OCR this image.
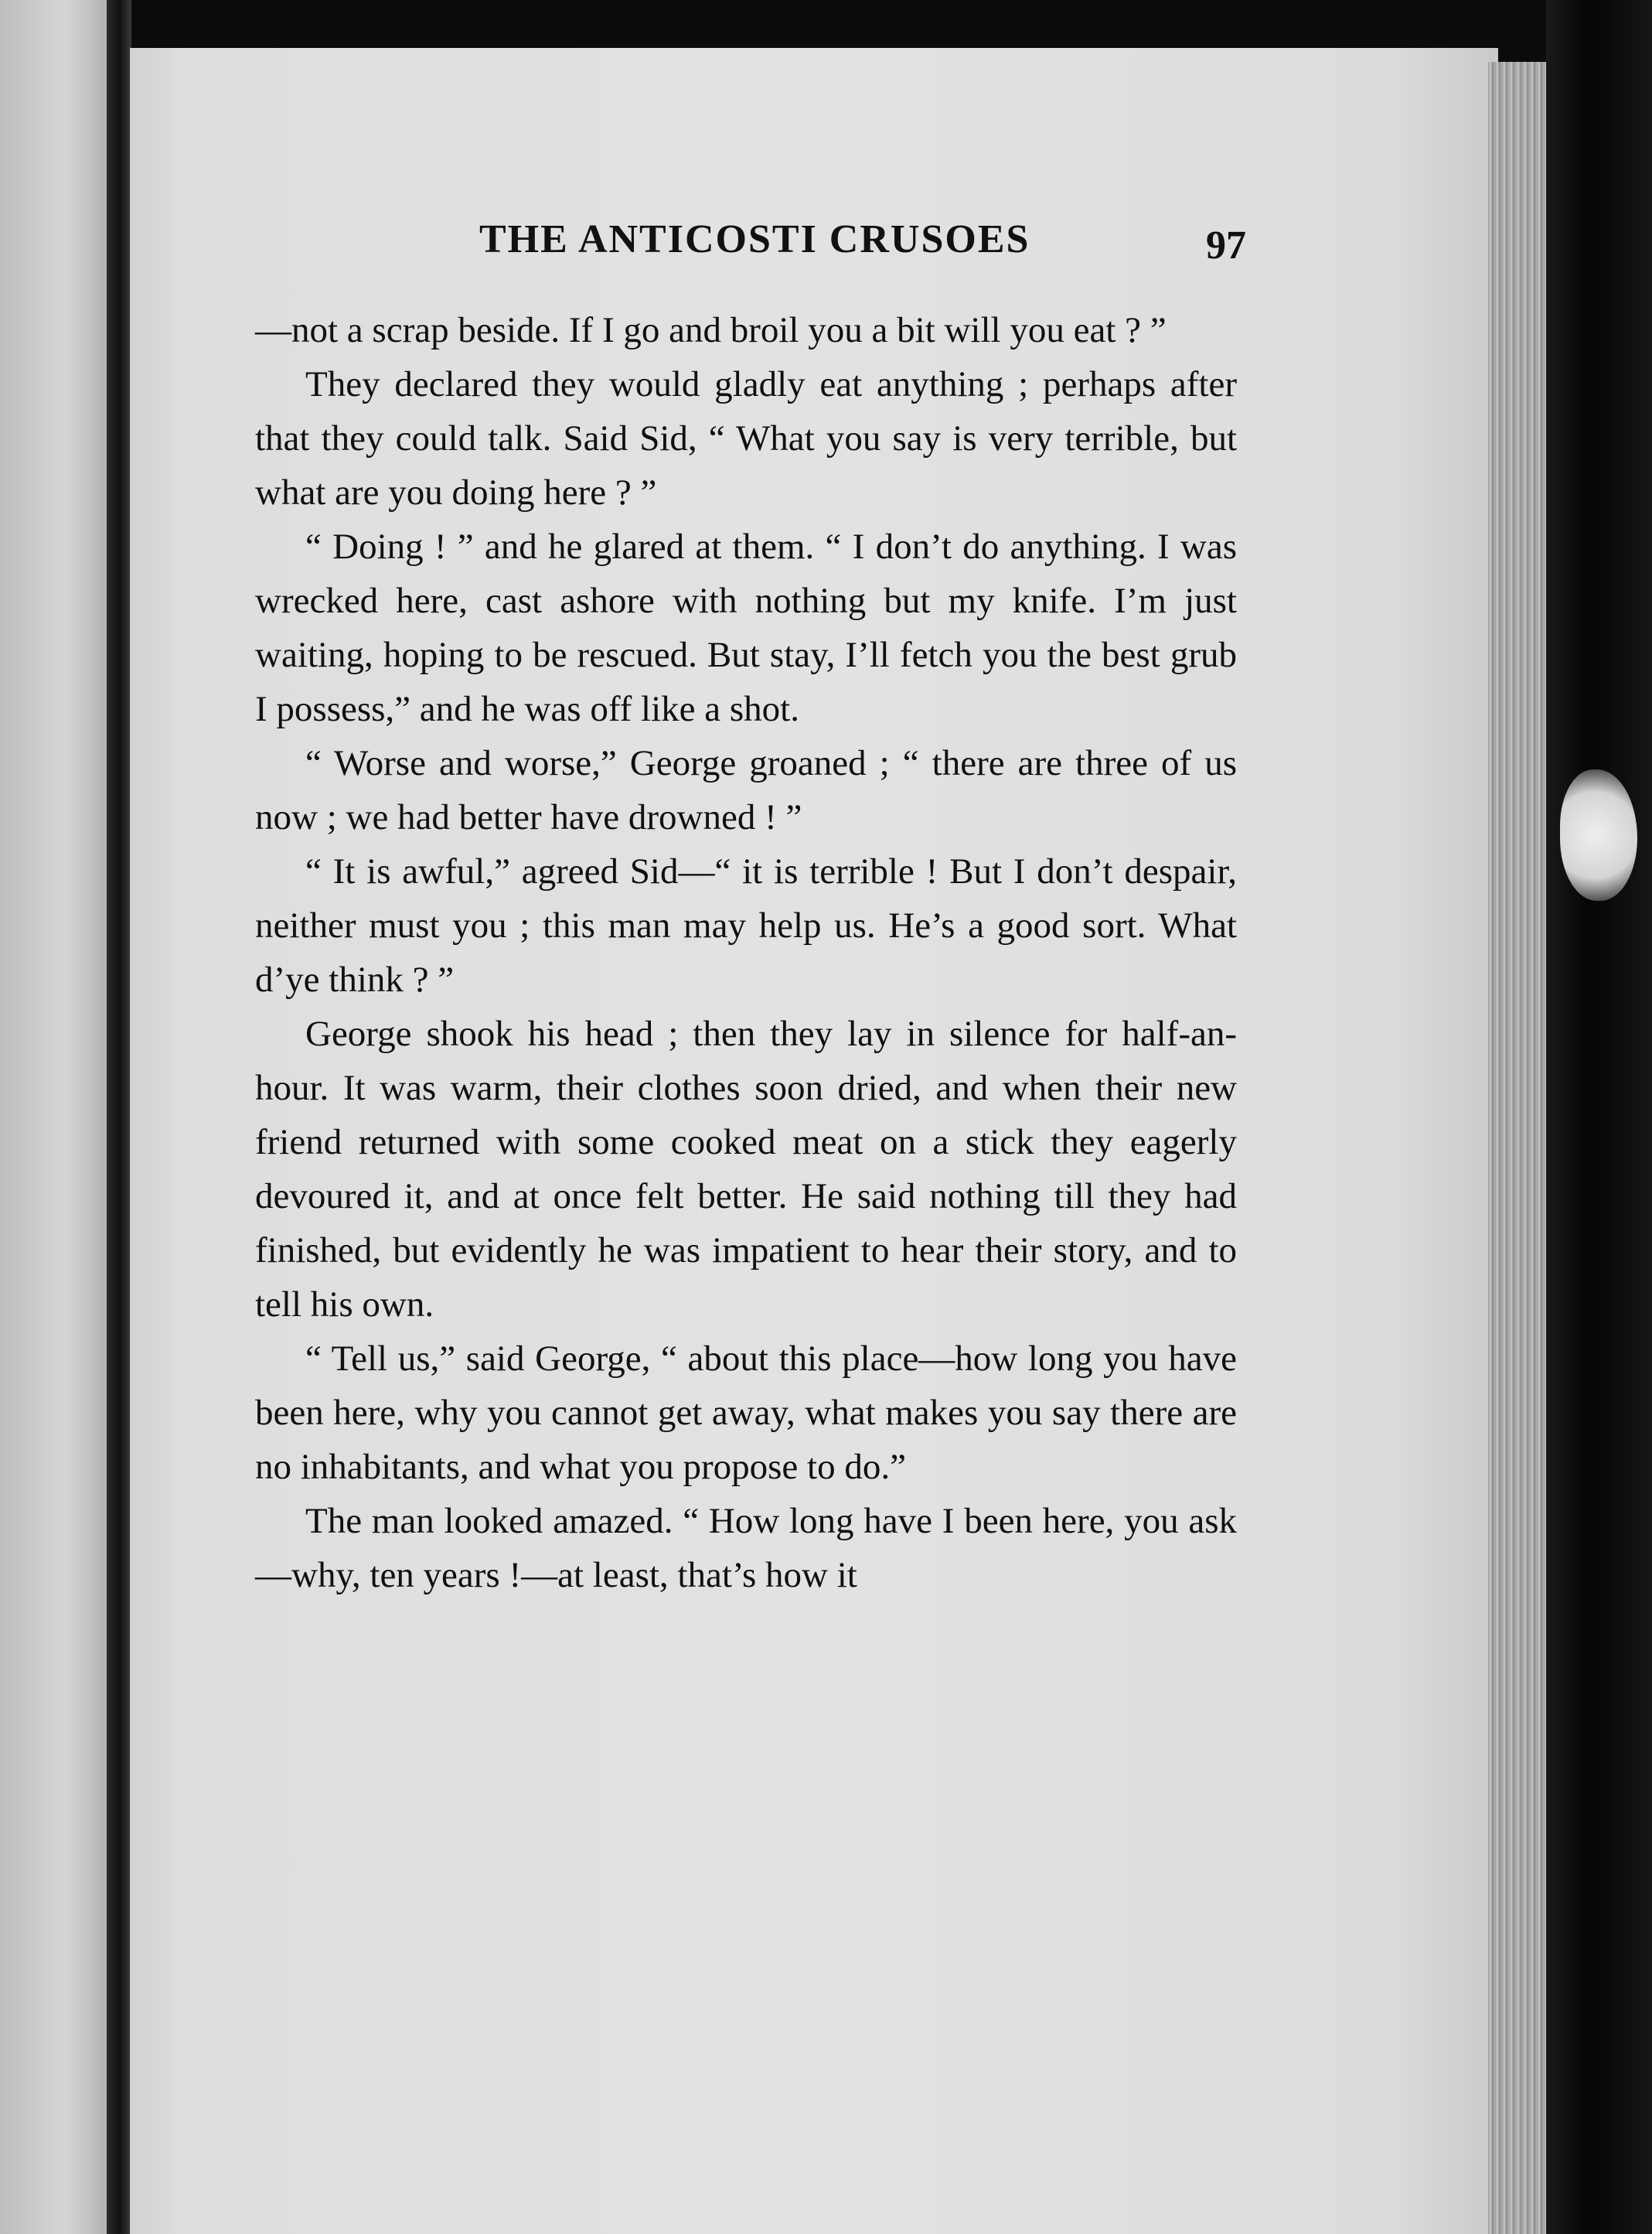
THE ANTICOSTI CRUSOES	97

—not a scrap beside. If I go and broil you a bit will you eat ? ”

They declared they would gladly eat anything ; perhaps after that they could talk. Said Sid, “ What you say is very terrible, but what are you doing here ? ”

“ Doing ! ” and he glared at them. “ I don’t do anything. I was wrecked here, cast ashore with nothing but my knife. I’m just waiting, hoping to be rescued. But stay, I’ll fetch you the best grub I possess,” and he was off like a shot.

“ Worse and worse,” George groaned ; “ there are three of us now ; we had better have drowned ! ”

“ It is awful,” agreed Sid—“ it is terrible ! But I don’t despair, neither must you ; this man may help us. He’s a good sort. What d’ye think ? ”

George shook his head ; then they lay in silence for half-an-hour. It was warm, their clothes soon dried, and when their new friend returned with some cooked meat on a stick they eagerly devoured it, and at once felt better. He said nothing till they had finished, but evidently he was impatient to hear their story, and to tell his own.

“ Tell us,” said George, “ about this place—how long you have been here, why you cannot get away, what makes you say there are no inhabitants, and what you propose to do.”

The man looked amazed. “ How long have I been here, you ask—why, ten years !—at least, that’s how it
